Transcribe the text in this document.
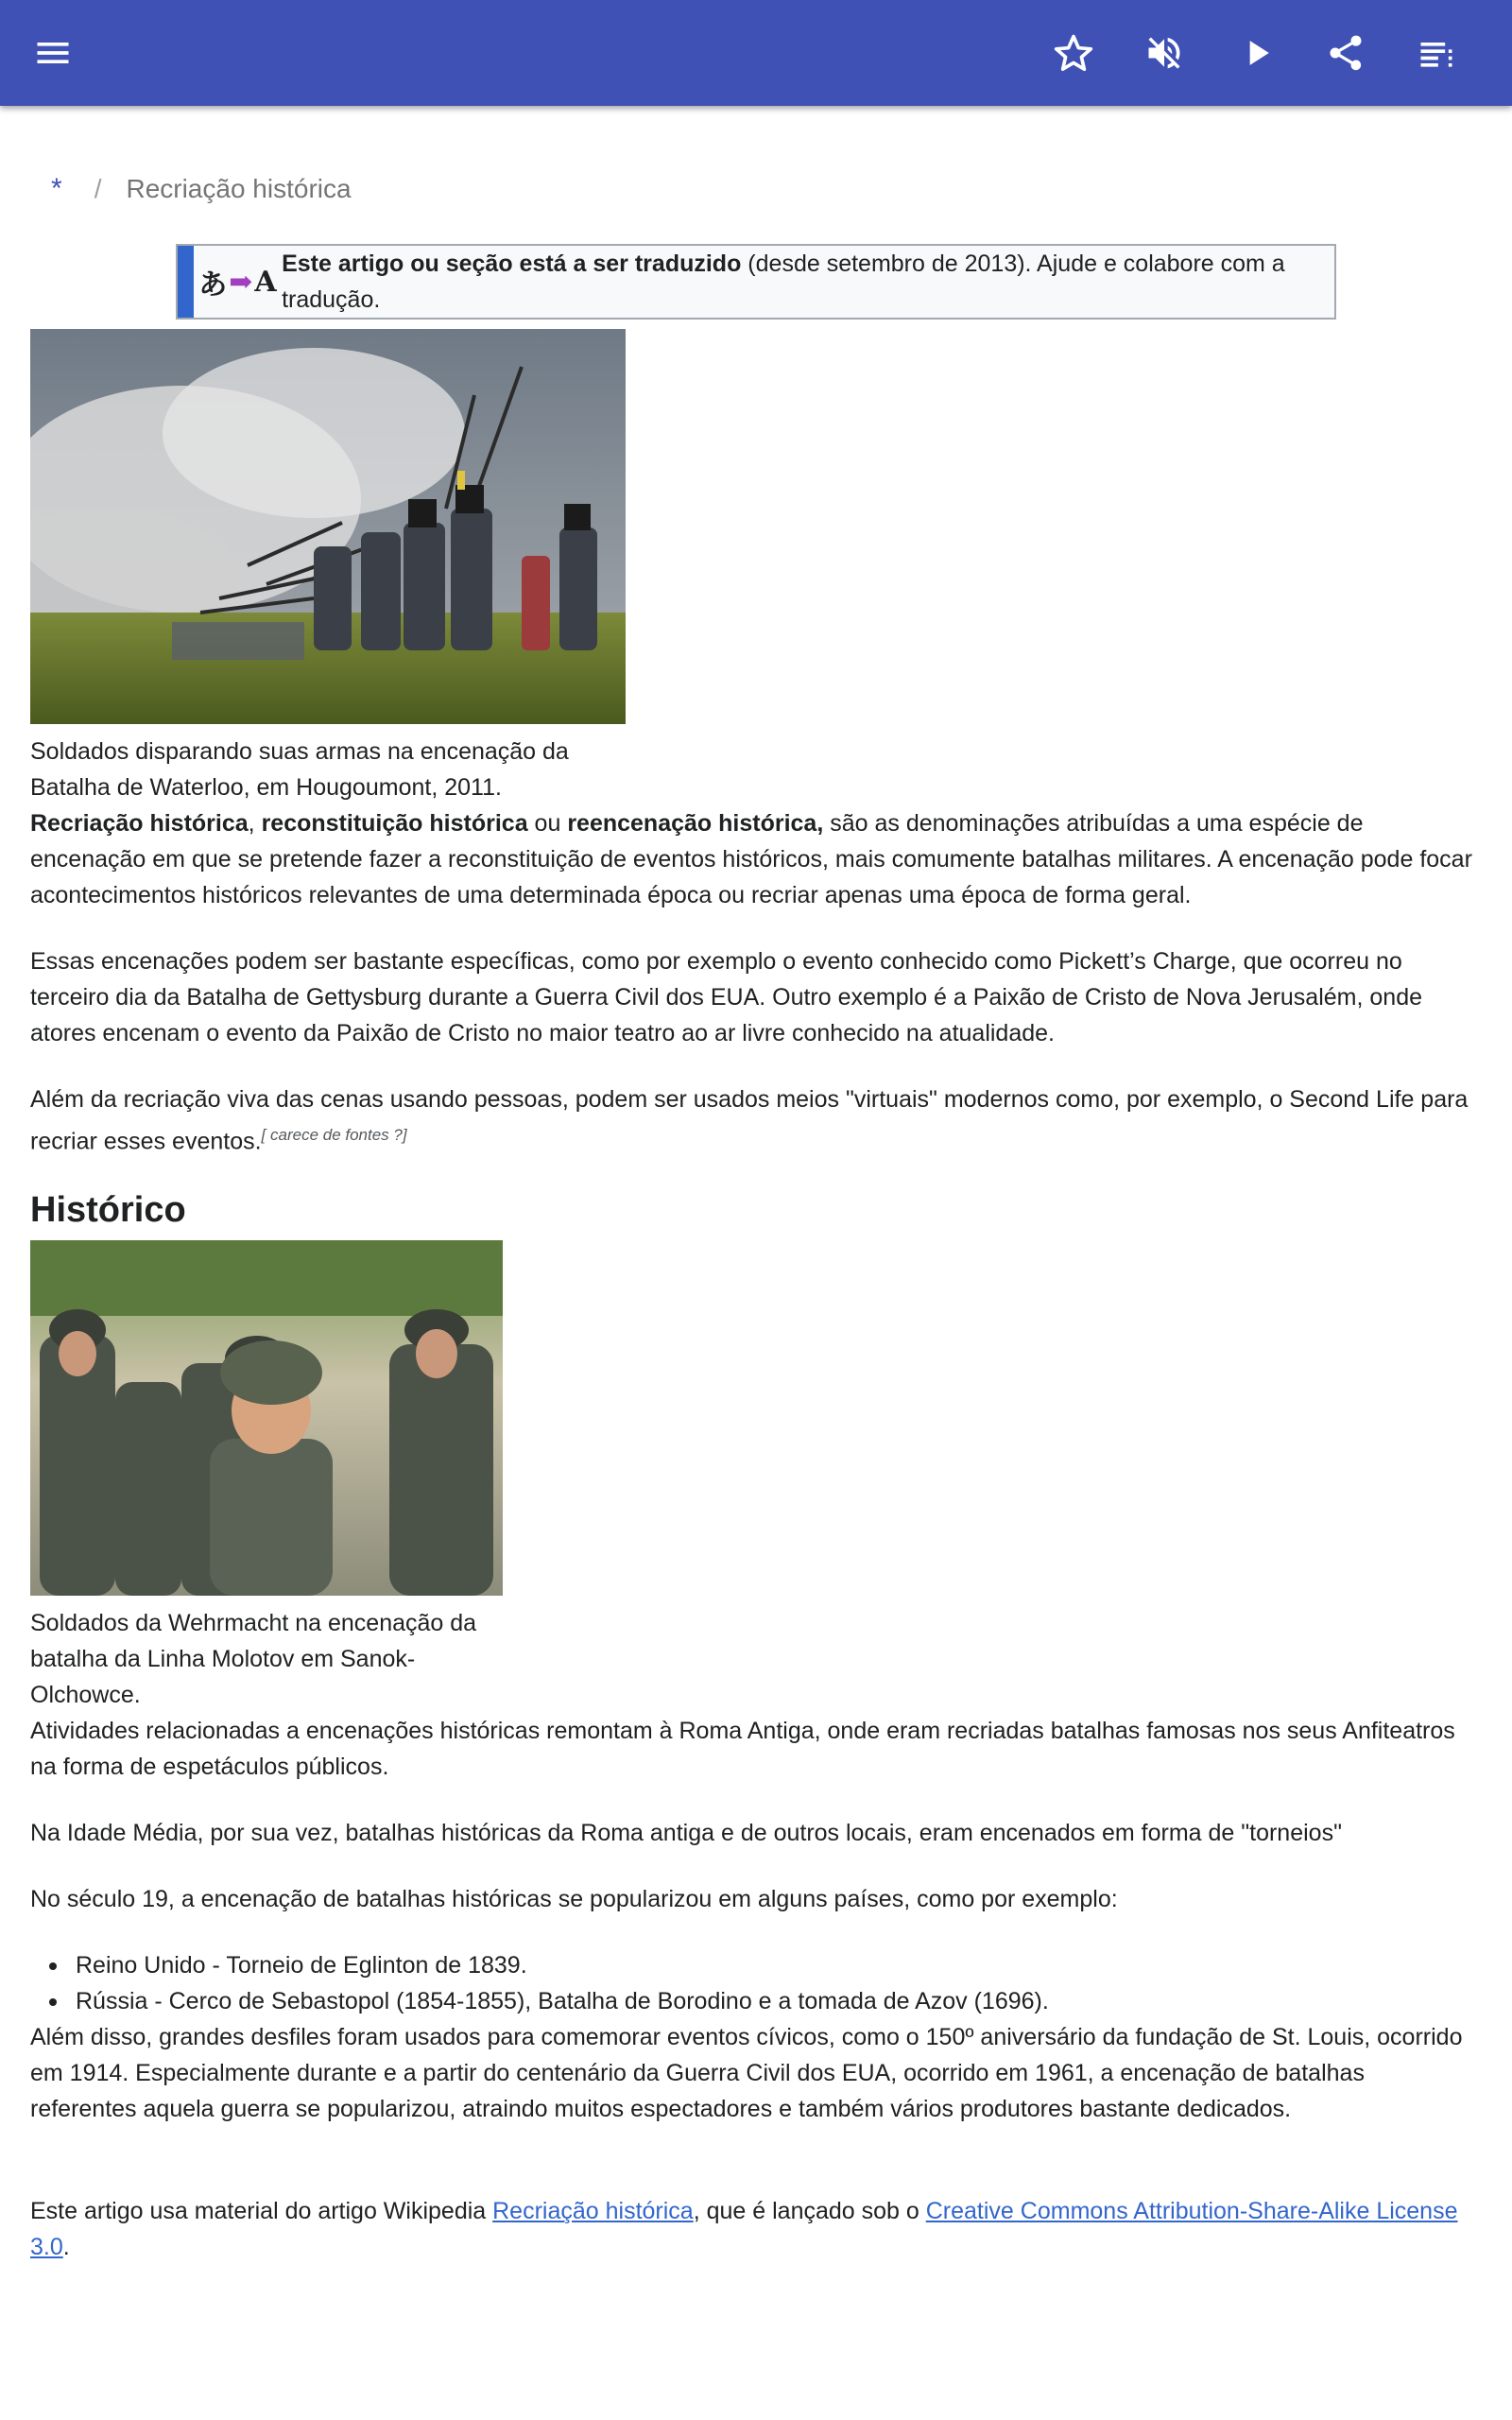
* / Recriação histórica
あ ➡ A
Este artigo ou seção está a ser traduzido (desde setembro de 2013). Ajude e colabore com a tradução.
Soldados disparando suas armas na encenação da Batalha de Waterloo, em Hougoumont, 2011.

Recriação histórica, reconstituição histórica ou reencenação histórica, são as denominações atribuídas a uma espécie de encenação em que se pretende fazer a reconstituição de eventos históricos, mais comumente batalhas militares. A encenação pode focar acontecimentos históricos relevantes de uma determinada época ou recriar apenas uma época de forma geral.

Essas encenações podem ser bastante específicas, como por exemplo o evento conhecido como Pickett’s Charge, que ocorreu no terceiro dia da Batalha de Gettysburg durante a Guerra Civil dos EUA. Outro exemplo é a Paixão de Cristo de Nova Jerusalém, onde atores encenam o evento da Paixão de Cristo no maior teatro ao ar livre conhecido na atualidade.
Além da recriação viva das cenas usando pessoas, podem ser usados meios "virtuais" modernos como, por exemplo, o Second Life para recriar esses eventos.[ carece de fontes ?]
Histórico
Soldados da Wehrmacht na encenação da batalha da Linha Molotov em Sanok-Olchowce.
Atividades relacionadas a encenações históricas remontam à Roma Antiga, onde eram recriadas batalhas famosas nos seus Anfiteatros na forma de espetáculos públicos.
Na Idade Média, por sua vez, batalhas históricas da Roma antiga e de outros locais, eram encenados em forma de "torneios"
No século 19, a encenação de batalhas históricas se popularizou em alguns países, como por exemplo:
Reino Unido - Torneio de Eglinton de 1839.
Rússia - Cerco de Sebastopol (1854-1855), Batalha de Borodino e a tomada de Azov (1696).
Além disso, grandes desfiles foram usados para comemorar eventos cívicos, como o 150º aniversário da fundação de St. Louis, ocorrido em 1914. Especialmente durante e a partir do centenário da Guerra Civil dos EUA, ocorrido em 1961, a encenação de batalhas referentes aquela guerra se popularizou, atraindo muitos espectadores e também vários produtores bastante dedicados.
Este artigo usa material do artigo Wikipedia Recriação histórica, que é lançado sob o Creative Commons Attribution-Share-Alike License 3.0.
